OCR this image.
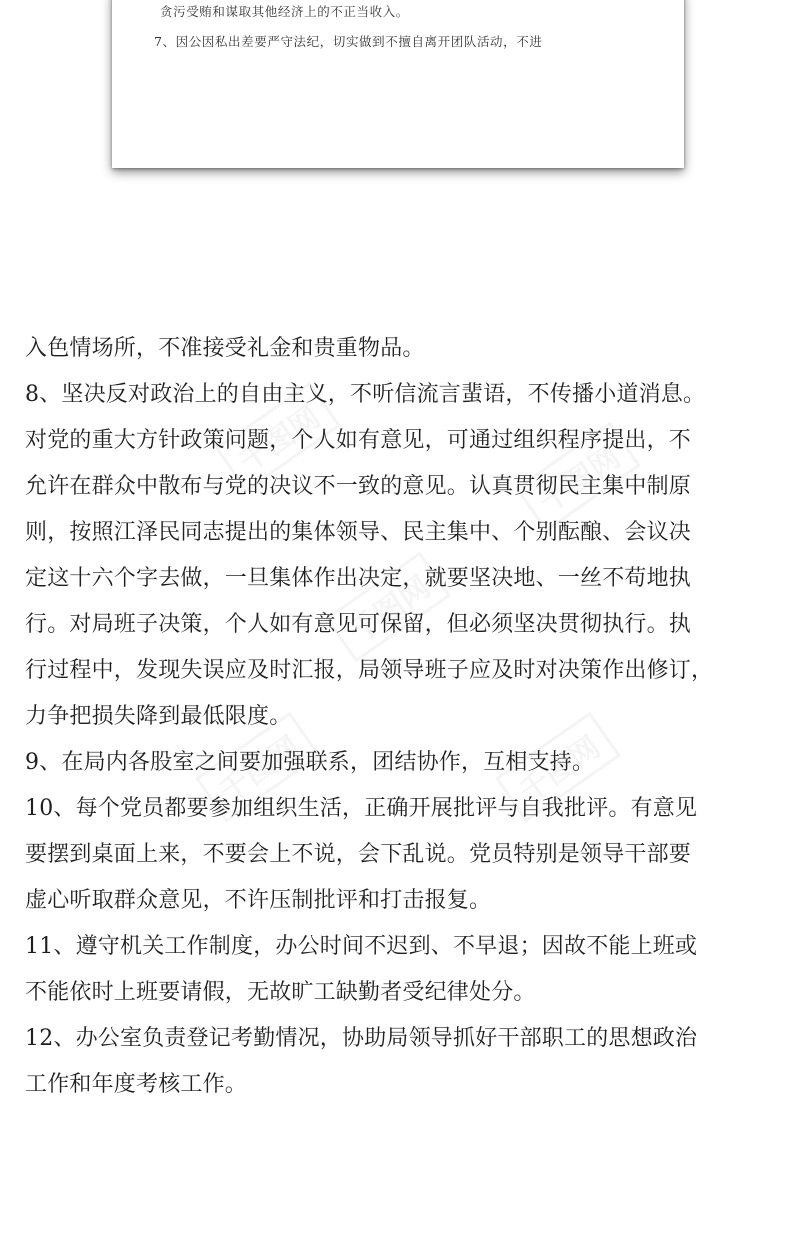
贪污受贿和谋取其他经济上的不正当收入。
7、因公因私出差要严守法纪，切实做到不擅自离开团队活动，不进
入色情场所，不准接受礼金和贵重物品。
8、坚决反对政治上的自由主义，不听信流言蜚语，不传播小道消息。
对党的重大方针政策问题，个人如有意见，可通过组织程序提出，不
允许在群众中散布与党的决议不一致的意见。认真贯彻民主集中制原
则，按照江泽民同志提出的集体领导、民主集中、个别酝酿、会议决
定这十六个字去做，一旦集体作出决定，就要坚决地、一丝不苟地执
行。对局班子决策，个人如有意见可保留，但必须坚决贯彻执行。执
行过程中，发现失误应及时汇报，局领导班子应及时对决策作出修订，
力争把损失降到最低限度。
9、在局内各股室之间要加强联系，团结协作，互相支持。
10、每个党员都要参加组织生活，正确开展批评与自我批评。有意见
要摆到桌面上来，不要会上不说，会下乱说。党员特别是领导干部要
虚心听取群众意见，不许压制批评和打击报复。
11、遵守机关工作制度，办公时间不迟到、不早退；因故不能上班或
不能依时上班要请假，无故旷工缺勤者受纪律处分。
12、办公室负责登记考勤情况，协助局领导抓好干部职工的思想政治
工作和年度考核工作。
